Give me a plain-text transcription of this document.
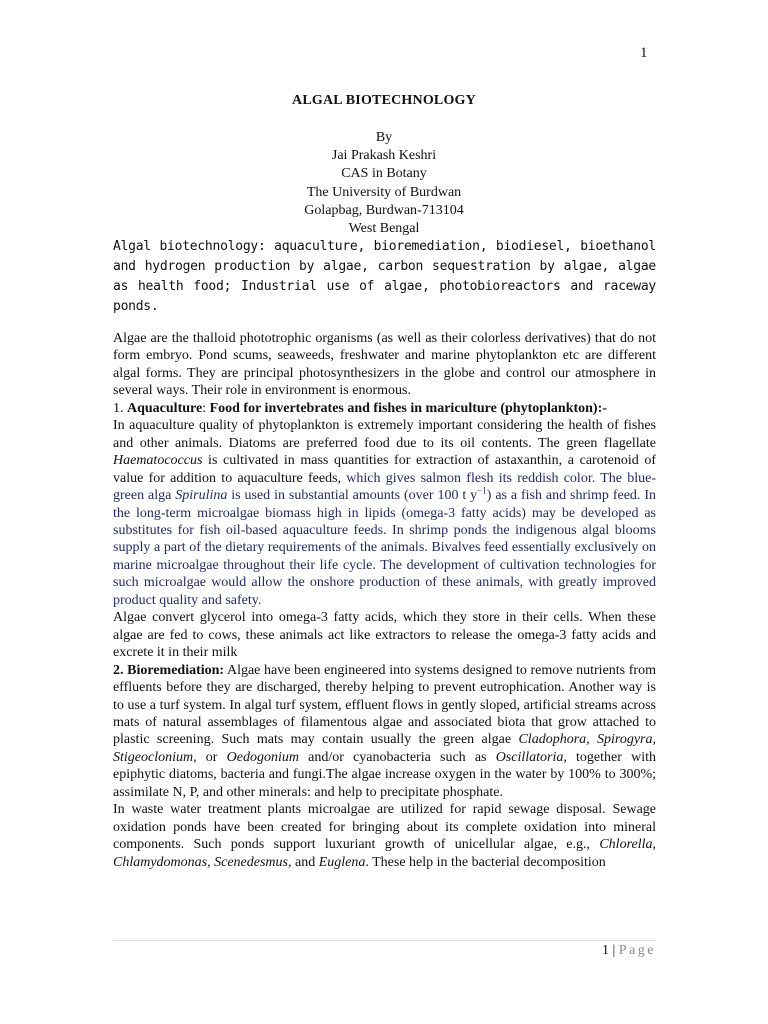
1
ALGAL BIOTECHNOLOGY
By
Jai Prakash Keshri
CAS in Botany
The University of Burdwan
Golapbag, Burdwan-713104
West Bengal
Algal biotechnology: aquaculture, bioremediation, biodiesel, bioethanol and hydrogen production by algae, carbon sequestration by algae, algae as health food; Industrial use of algae, photobioreactors and raceway ponds.

Algae are the thalloid phototrophic organisms (as well as their colorless derivatives) that do not form embryo. Pond scums, seaweeds, freshwater and marine phytoplankton etc are different algal forms. They are principal photosynthesizers in the globe and control our atmosphere in several ways. Their role in environment is enormous.

1. Aquaculture: Food for invertebrates and fishes in mariculture (phytoplankton):-

In aquaculture quality of phytoplankton is extremely important considering the health of fishes and other animals. Diatoms are preferred food due to its oil contents. The green flagellate Haematococcus is cultivated in mass quantities for extraction of astaxanthin, a carotenoid of value for addition to aquaculture feeds, which gives salmon flesh its reddish color. The blue-green alga Spirulina is used in substantial amounts (over 100 t $y^{-1}$) as a fish and shrimp feed. In the long-term microalgae biomass high in lipids (omega-3 fatty acids) may be developed as substitutes for fish oil-based aquaculture feeds. In shrimp ponds the indigenous algal blooms supply a part of the dietary requirements of the animals. Bivalves feed essentially exclusively on marine microalgae throughout their life cycle. The development of cultivation technologies for such microalgae would allow the onshore production of these animals, with greatly improved product quality and safety.

Algae convert glycerol into omega-3 fatty acids, which they store in their cells. When these algae are fed to cows, these animals act like extractors to release the omega-3 fatty acids and excrete it in their milk

2. Bioremediation: Algae have been engineered into systems designed to remove nutrients from effluents before they are discharged, thereby helping to prevent eutrophication. Another way is to use a turf system. In algal turf system, effluent flows in gently sloped, artificial streams across mats of natural assemblages of filamentous algae and associated biota that grow attached to plastic screening. Such mats may contain usually the green algae Cladophora, Spirogyra, Stigeoclonium, or Oedogonium and/or cyanobacteria such as Oscillatoria, together with epiphytic diatoms, bacteria and fungi.The algae increase oxygen in the water by 100% to 300%; assimilate N, P, and other minerals: and help to precipitate phosphate.

In waste water treatment plants microalgae are utilized for rapid sewage disposal. Sewage oxidation ponds have been created for bringing about its complete oxidation into mineral components. Such ponds support luxuriant growth of unicellular algae, e.g., Chlorella, Chlamydomonas, Scenedesmus, and Euglena. These help in the bacterial decomposition

1 | Page
